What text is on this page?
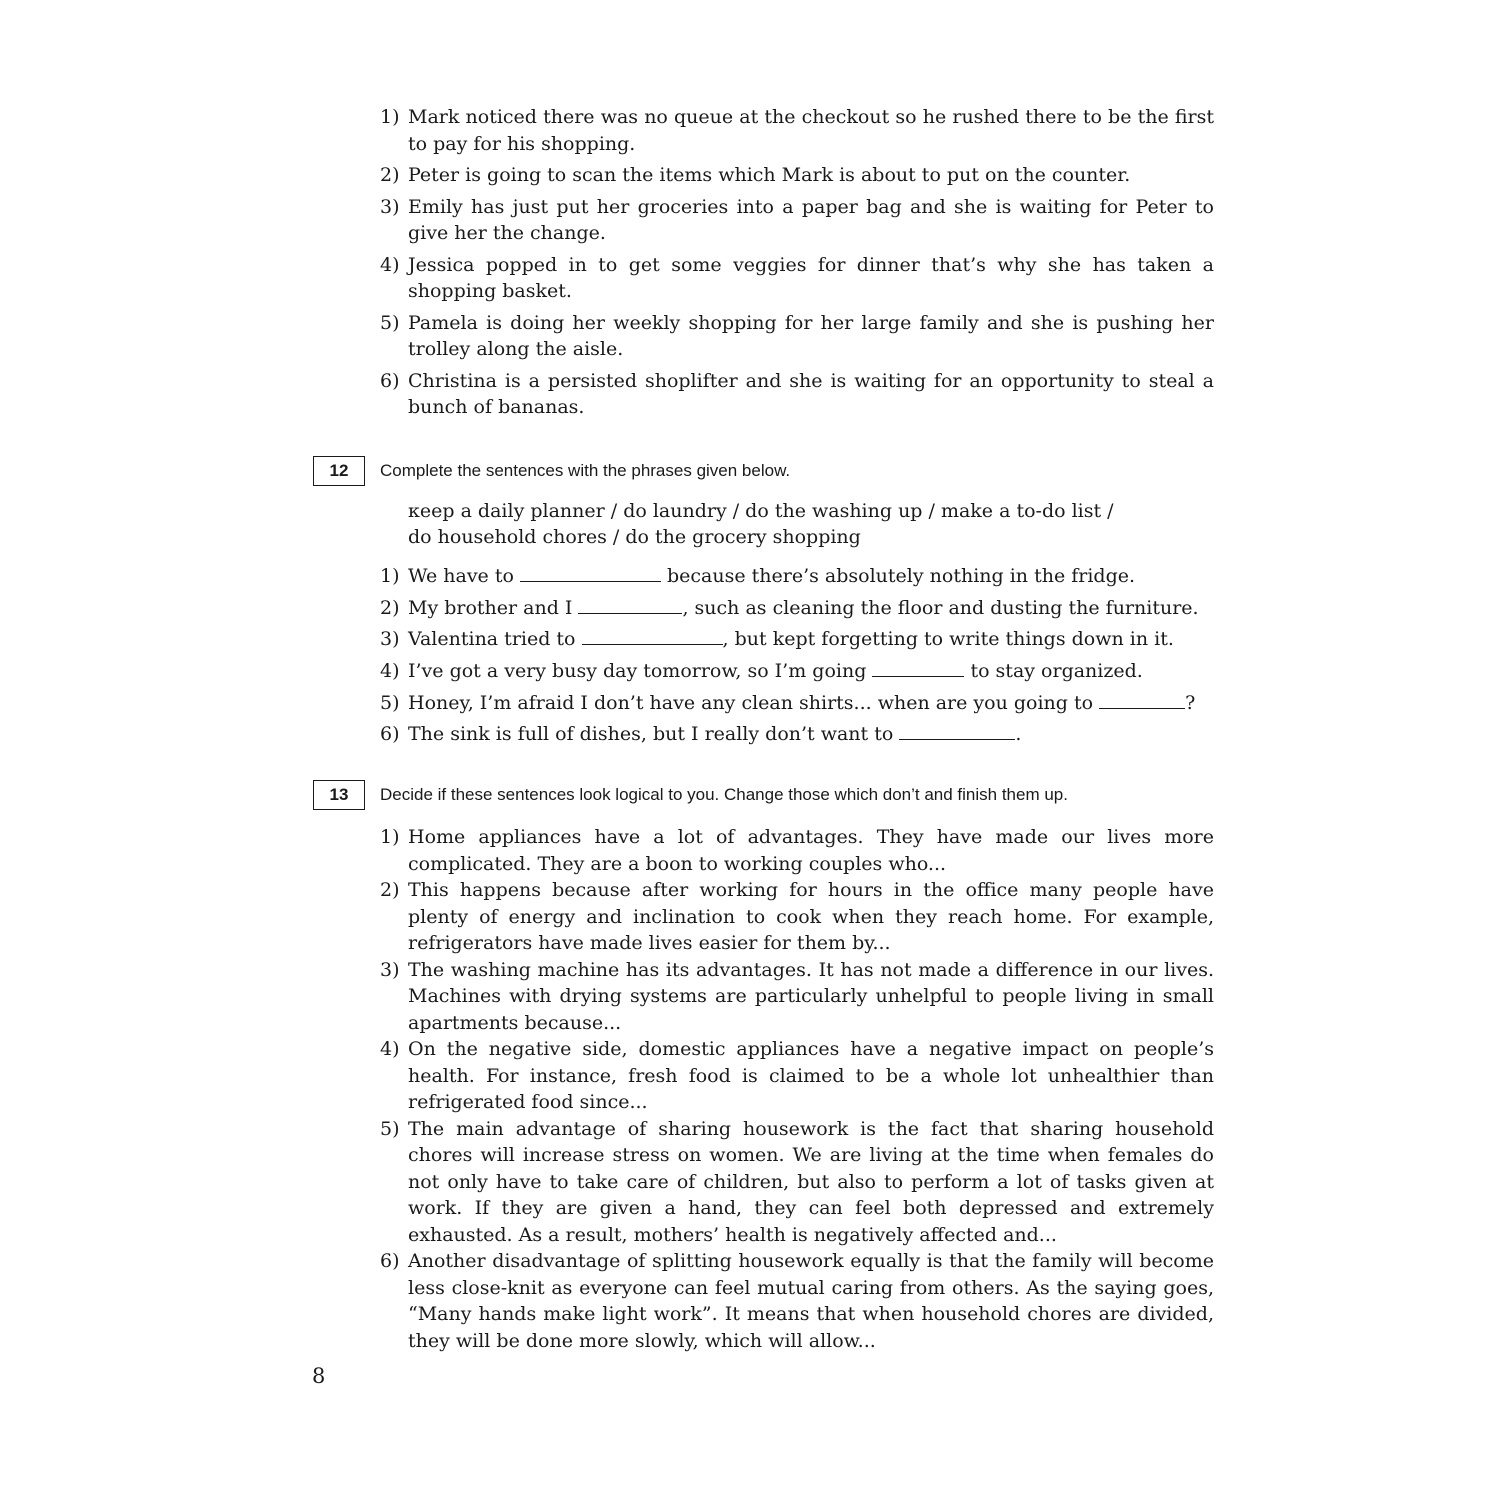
1) Mark noticed there was no queue at the checkout so he rushed there to be the first to pay for his shopping.
2) Peter is going to scan the items which Mark is about to put on the counter.
3) Emily has just put her groceries into a paper bag and she is waiting for Peter to give her the change.
4) Jessica popped in to get some veggies for dinner that’s why she has taken a shopping basket.
5) Pamela is doing her weekly shopping for her large family and she is pushing her trolley along the aisle.
6) Christina is a persisted shoplifter and she is waiting for an opportunity to steal a bunch of bananas.
12	Complete the sentences with the phrases given below.
кeep a daily planner / do laundry / do the washing up / make a to-do list /
do household chores / do the grocery shopping
1) We have to	because there’s absolutely nothing in the fridge.
2) My brother and I	, such as cleaning the floor and dusting the furniture.
3) Valentina tried to	, but kept forgetting to write things down in it.
4) I’ve got a very busy day tomorrow, so I’m going	to stay organized.
5) Honey, I’m afraid I don’t have any clean shirts... when are you going to	?
6) The sink is full of dishes, but I really don’t want to	.
13	Decide if these sentences look logical to you. Change those which don’t and finish them up.
1) Home appliances have a lot of advantages. They have made our lives more complicated. They are a boon to working couples who...
2) This happens because after working for hours in the office many people have plenty of energy and inclination to cook when they reach home. For example, refrigerators have made lives easier for them by...
3) The washing machine has its advantages. It has not made a difference in our lives. Machines with drying systems are particularly unhelpful to people living in small apartments because...
4) On the negative side, domestic appliances have a negative impact on people’s health. For instance, fresh food is claimed to be a whole lot unhealthier than refrigerated food since...
5) The main advantage of sharing housework is the fact that sharing household chores will increase stress on women. We are living at the time when females do not only have to take care of children, but also to perform a lot of tasks given at work. If they are given a hand, they can feel both depressed and extremely exhausted. As a result, mothers’ health is negatively affected and...
6) Another disadvantage of splitting housework equally is that the family will become less close-knit as everyone can feel mutual caring from others. As the saying goes, “Many hands make light work”. It means that when household chores are divided, they will be done more slowly, which will allow...
8
